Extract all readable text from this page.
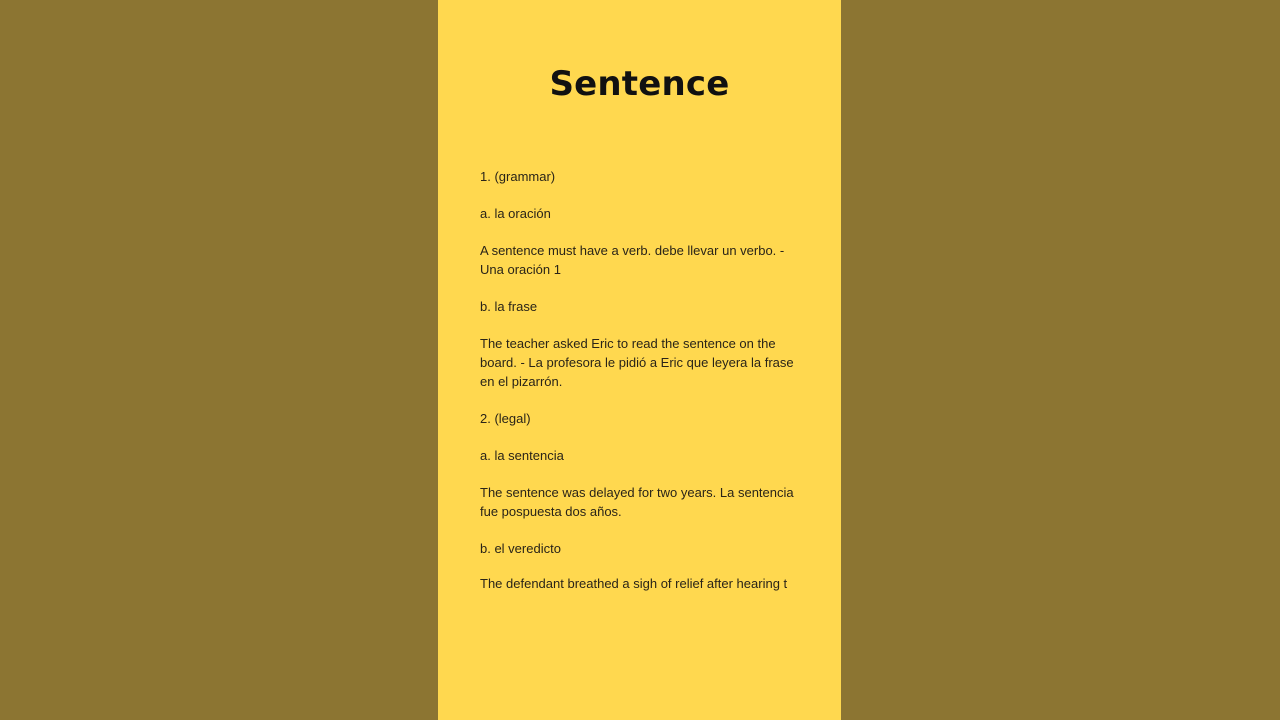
Sentence

1. (grammar)

a. la oración

A sentence must have a verb. debe llevar un verbo. - Una oración 1

b. la frase

The teacher asked Eric to read the sentence on the board. - La profesora le pidió a Eric que leyera la frase en el pizarrón.

2. (legal)

a. la sentencia

The sentence was delayed for two years. La sentencia fue pospuesta dos años.

b. el veredicto

The defendant breathed a sigh of relief after hearing t
